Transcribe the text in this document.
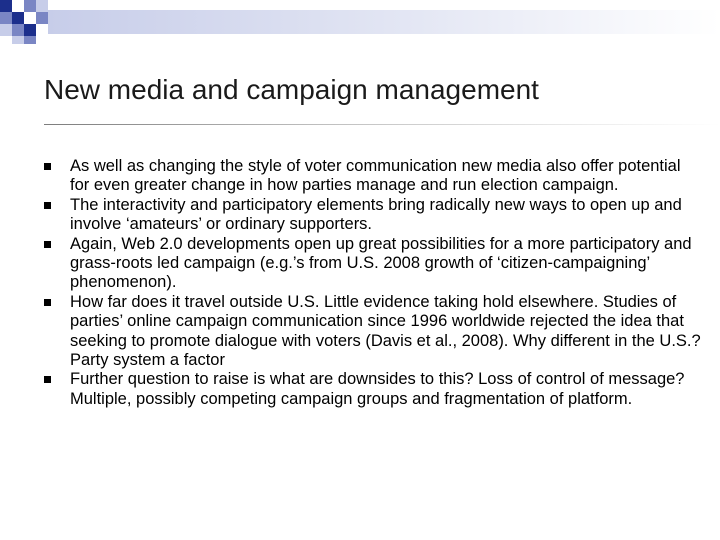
New media and campaign management
As well as changing the style of voter communication new media also offer potential for even greater change in how parties manage and run election campaign.
The interactivity and participatory elements bring radically new ways to open up and involve ‘amateurs’ or ordinary supporters.
Again, Web 2.0 developments open up great possibilities for a more participatory and grass-roots led campaign (e.g.’s from U.S. 2008 growth of ‘citizen-campaigning’ phenomenon).
How far does it travel outside U.S. Little evidence taking hold elsewhere. Studies of parties’ online campaign communication since 1996 worldwide rejected the idea that seeking to promote dialogue with voters (Davis et al., 2008). Why different in the U.S.? Party system a factor
Further question to raise is what are downsides to this? Loss of control of message? Multiple, possibly competing campaign groups and fragmentation of platform.
